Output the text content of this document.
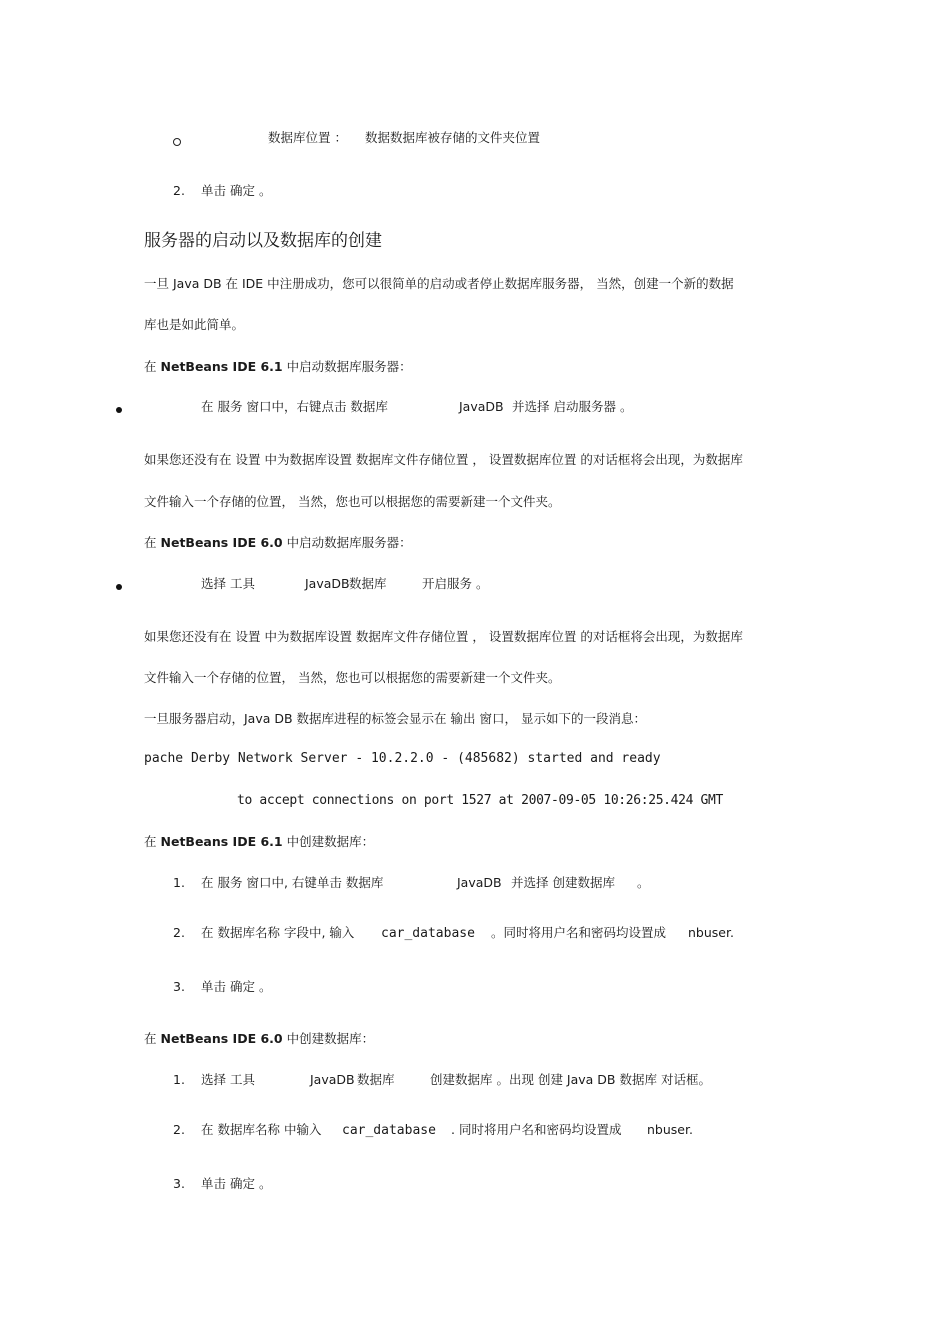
数据库位置 ： 数据数据库被存储的文件夹位置
2. 单击 确定 。
服务器的启动以及数据库的创建
一旦 Java DB 在 IDE 中注册成功，您可以很简单的启动或者停止数据库服务器， 当然，创建一个新的数据
库也是如此简单。
在 NetBeans IDE 6.1 中启动数据库服务器：
在 服务 窗口中，右键点击 数据库	JavaDB 并选择 启动服务器 。
如果您还没有在 设置 中为数据库设置 数据库文件存储位置 ， 设置数据库位置 的对话框将会出现，为数据库
文件输入一个存储的位置， 当然，您也可以根据您的需要新建一个文件夹。
在 NetBeans IDE 6.0 中启动数据库服务器：
选择 工具	JavaDB 数据库	开启服务 。
如果您还没有在 设置 中为数据库设置 数据库文件存储位置 ， 设置数据库位置 的对话框将会出现，为数据库
文件输入一个存储的位置， 当然，您也可以根据您的需要新建一个文件夹。
一旦服务器启动，Java DB 数据库进程的标签会显示在 输出 窗口， 显示如下的一段消息：
pache Derby Network Server - 10.2.2.0 - (485682) started and ready
to accept connections on port 1527 at 2007-09-05 10:26:25.424 GMT
在 NetBeans IDE 6.1 中创建数据库：
1. 在 服务 窗口中, 右键单击 数据库	JavaDB 并选择 创建数据库 。
2. 在 数据库名称 字段中, 输入 car_database 。同时将用户名和密码均设置成 nbuser.
3. 单击 确定 。
在 NetBeans IDE 6.0 中创建数据库：
1. 选择 工具	JavaDB 数据库	创建数据库 。出现 创建 Java DB 数据库 对话框。
2. 在 数据库名称 中输入 car_database . 同时将用户名和密码均设置成 nbuser.
3. 单击 确定 。
